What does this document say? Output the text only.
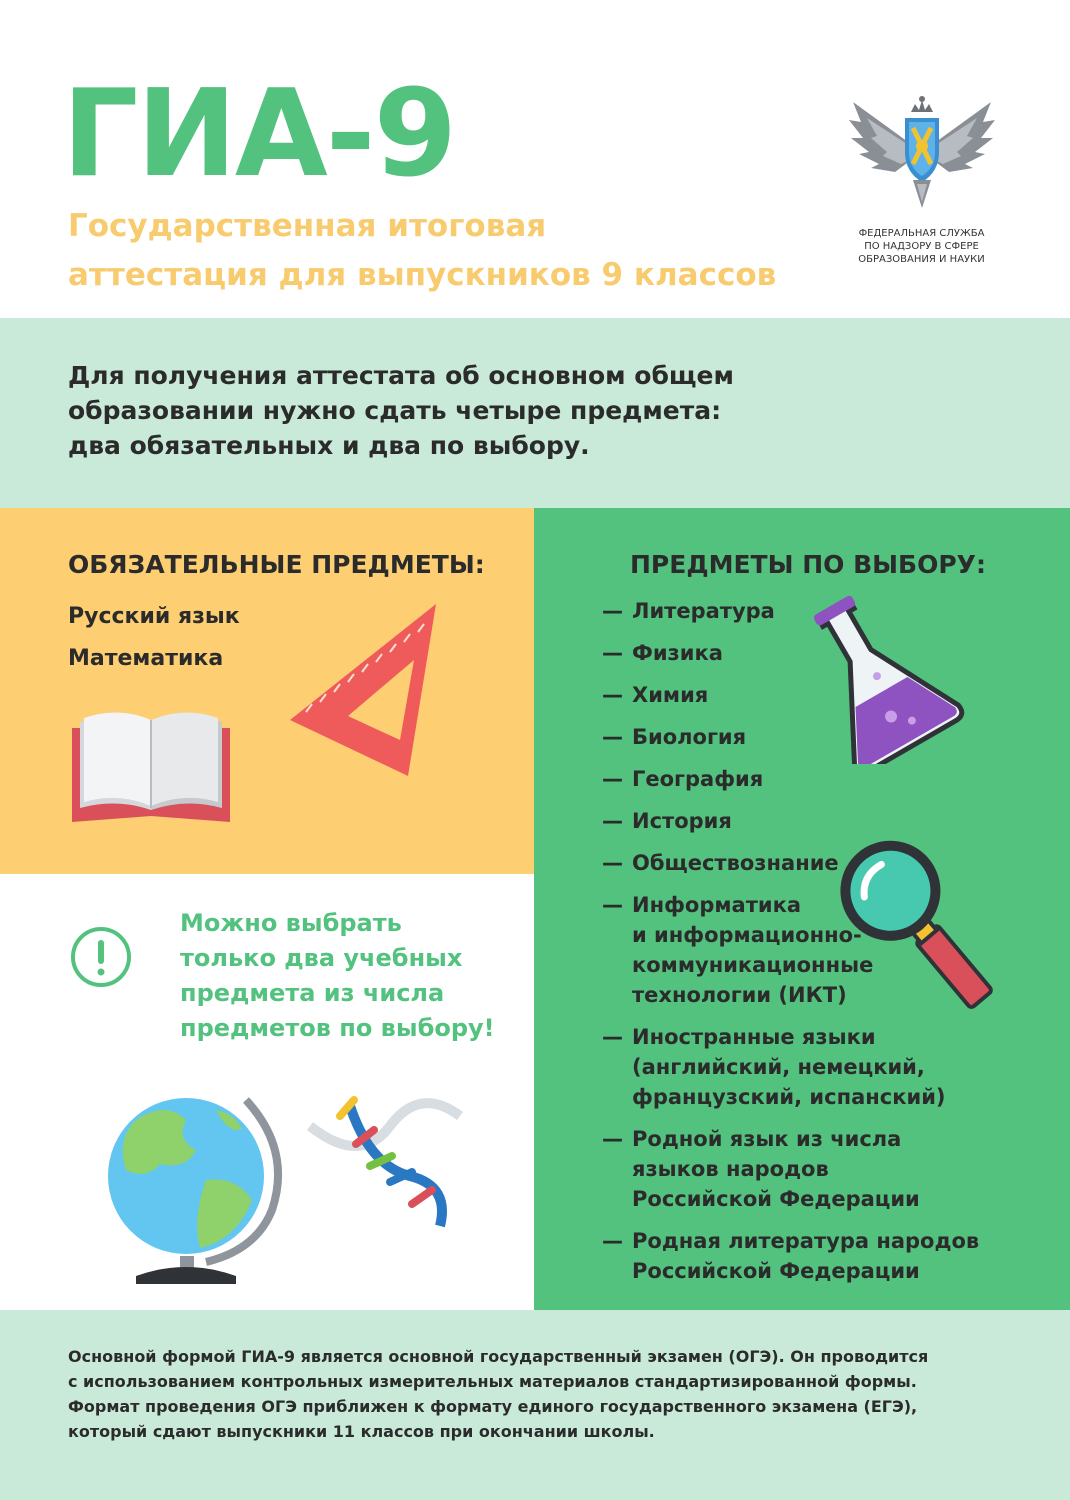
ГИА-9
Государственная итоговая
аттестация для выпускников 9 классов
ФЕДЕРАЛЬНАЯ СЛУЖБА
ПО НАДЗОРУ В СФЕРЕ
ОБРАЗОВАНИЯ И НАУКИ
Для получения аттестата об основном общем
образовании нужно сдать четыре предмета:
два обязательных и два по выбору.
ОБЯЗАТЕЛЬНЫЕ ПРЕДМЕТЫ:
Русский язык
Математика
Можно выбрать
только два учебных
предмета из числа
предметов по выбору!
ПРЕДМЕТЫ ПО ВЫБОРУ:
— Литература
— Физика
— Химия
— Биология
— География
— История
— Обществознание
— Информатика
и информационно-
коммуникационные
технологии (ИКТ)
— Иностранные языки
(английский, немецкий,
французский, испанский)
— Родной язык из числа
языков народов
Российской Федерации
— Родная литература народов
Российской Федерации
Основной формой ГИА-9 является основной государственный экзамен (ОГЭ). Он проводится
с использованием контрольных измерительных материалов стандартизированной формы.
Формат проведения ОГЭ приближен к формату единого государственного экзамена (ЕГЭ),
который сдают выпускники 11 классов при окончании школы.
